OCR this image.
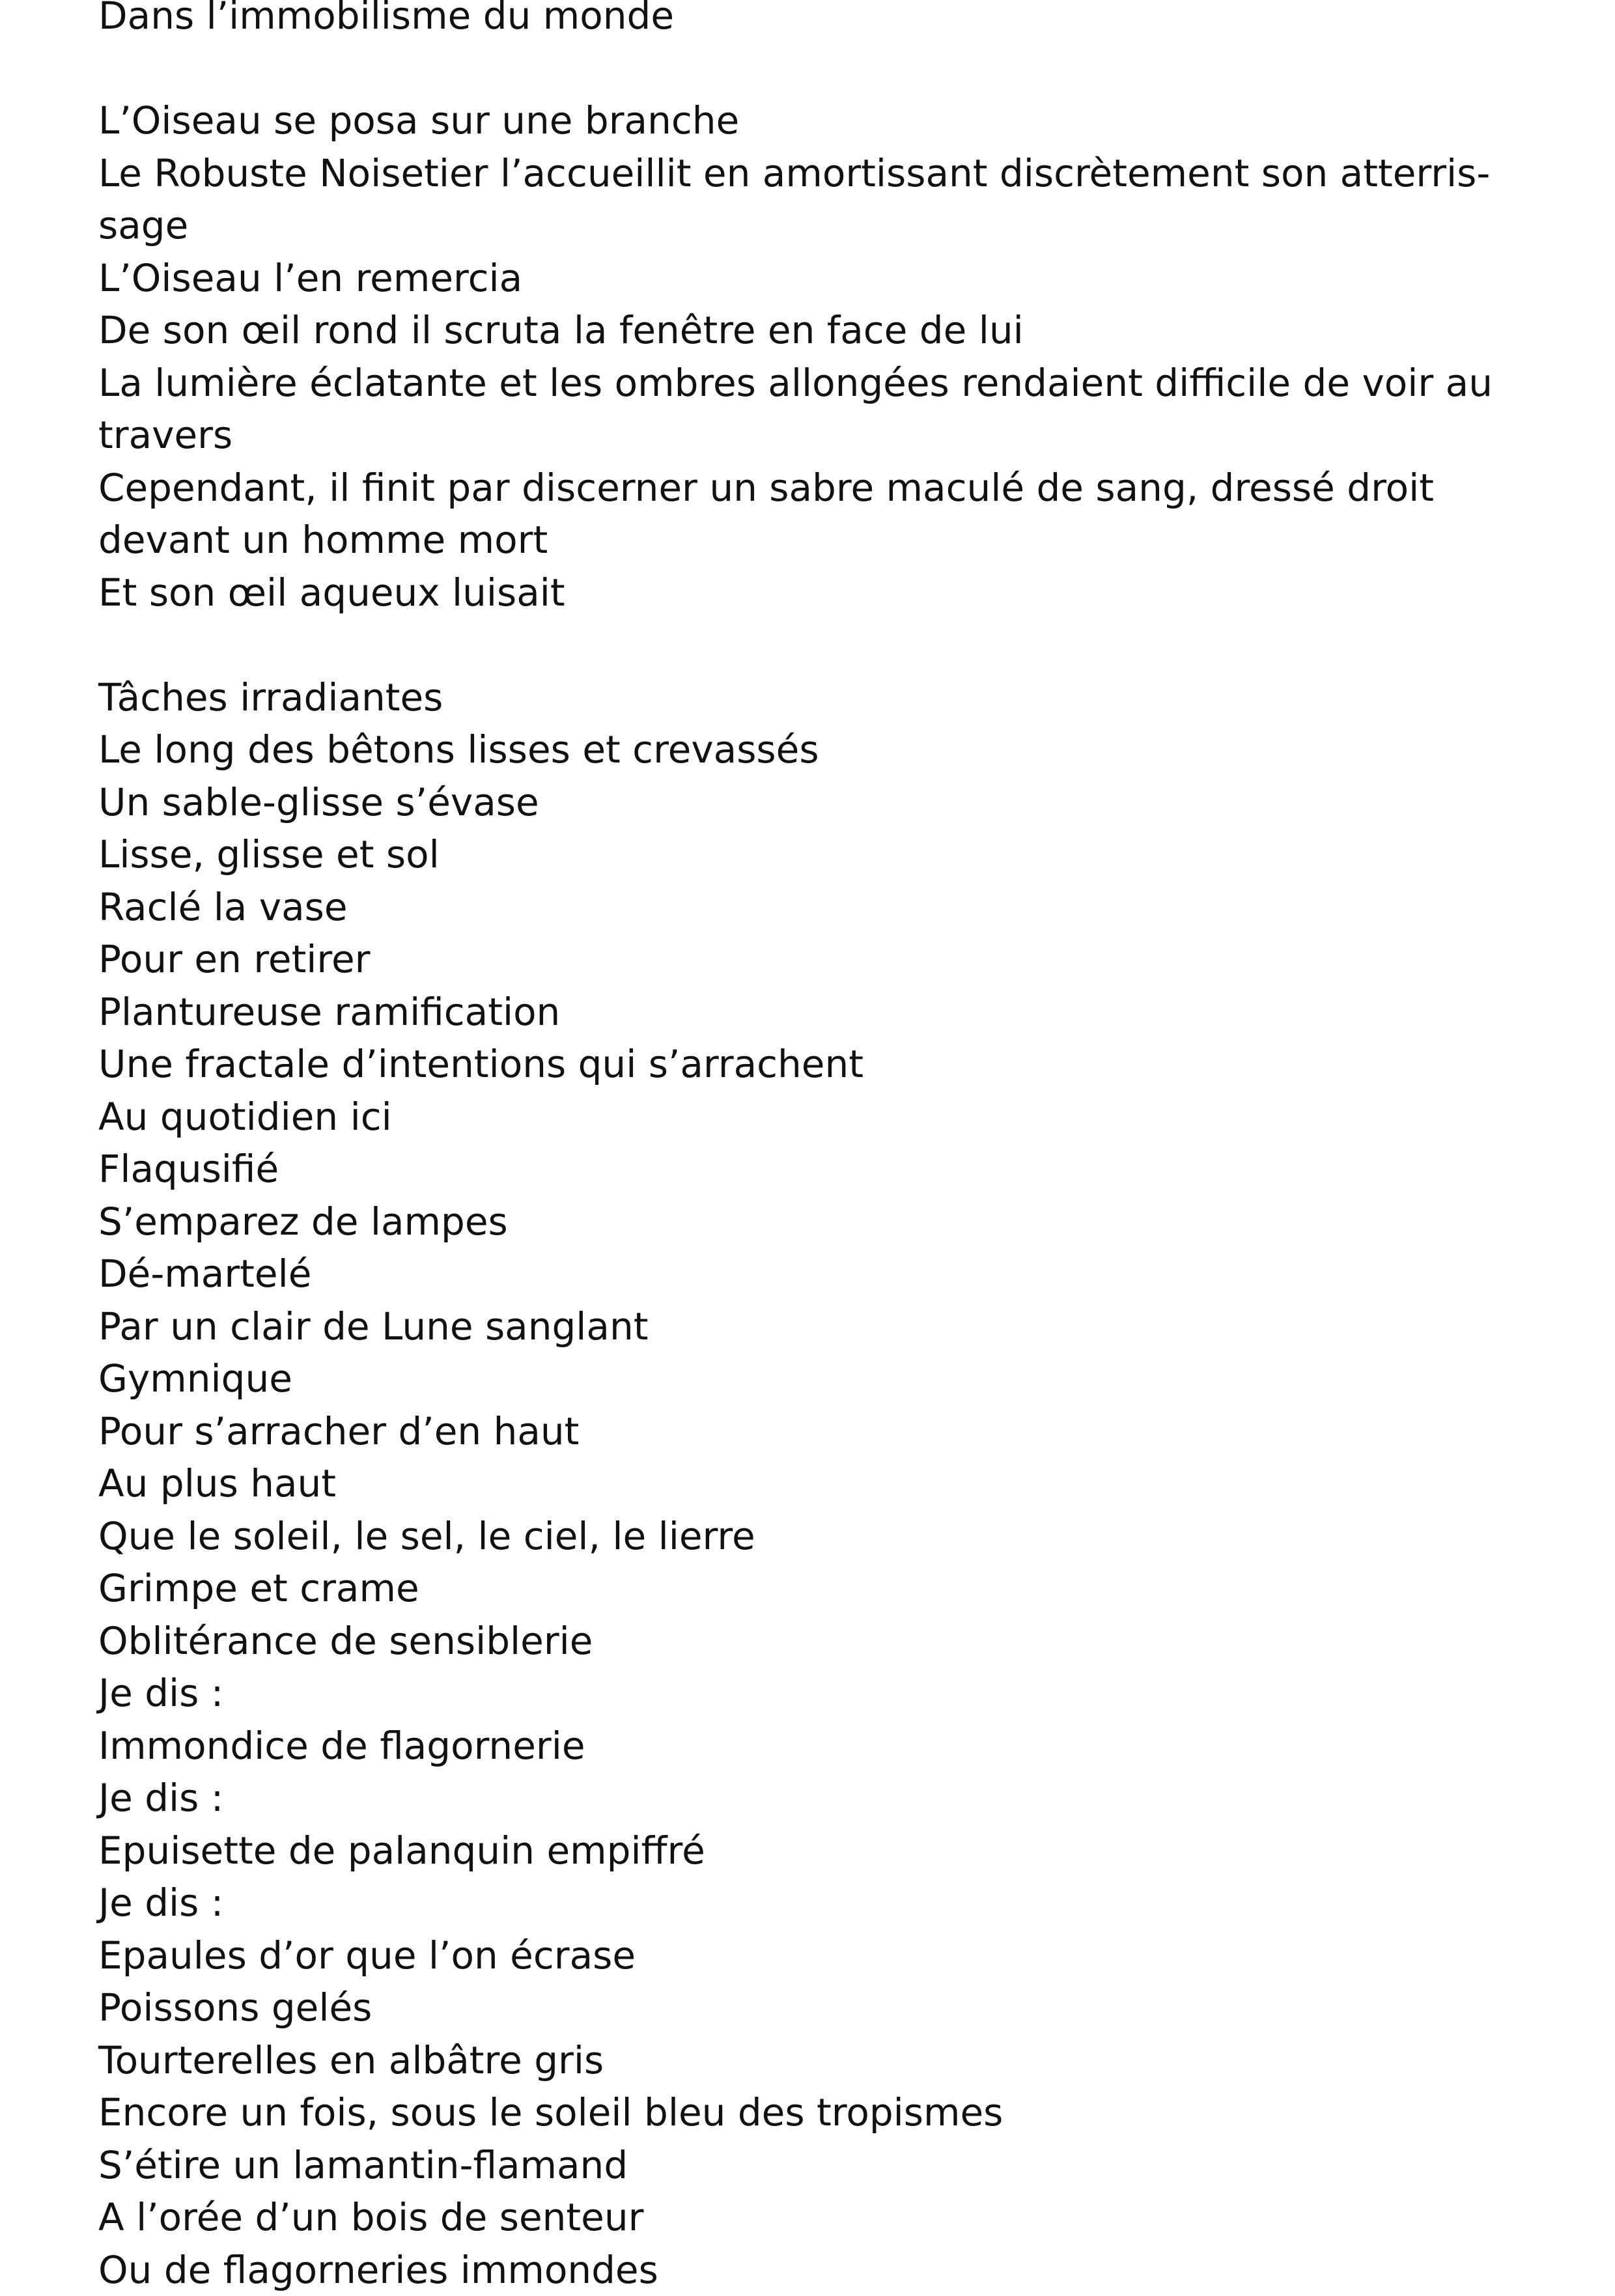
Dans l’immobilisme du monde

L’Oiseau se posa sur une branche

Le Robuste Noisetier l’accueillit en amortissant discrètement son atterris-

sage

L’Oiseau l’en remercia

De son œil rond il scruta la fenêtre en face de lui

La lumière éclatante et les ombres allongées rendaient difficile de voir au

travers

Cependant, il finit par discerner un sabre maculé de sang, dressé droit

devant un homme mort

Et son œil aqueux luisait

Tâches irradiantes

Le long des bêtons lisses et crevassés

Un sable-glisse s’évase

Lisse, glisse et sol

Raclé la vase

Pour en retirer

Plantureuse ramification

Une fractale d’intentions qui s’arrachent

Au quotidien ici

Flaqusifié

S’emparez de lampes

Dé-martelé

Par un clair de Lune sanglant

Gymnique

Pour s’arracher d’en haut

Au plus haut

Que le soleil, le sel, le ciel, le lierre

Grimpe et crame

Oblitérance de sensiblerie

Je dis :

Immondice de flagornerie

Je dis :

Epuisette de palanquin empiffré

Je dis :

Epaules d’or que l’on écrase

Poissons gelés

Tourterelles en albâtre gris

Encore un fois, sous le soleil bleu des tropismes

S’étire un lamantin-flamand

A l’orée d’un bois de senteur

Ou de flagorneries immondes
